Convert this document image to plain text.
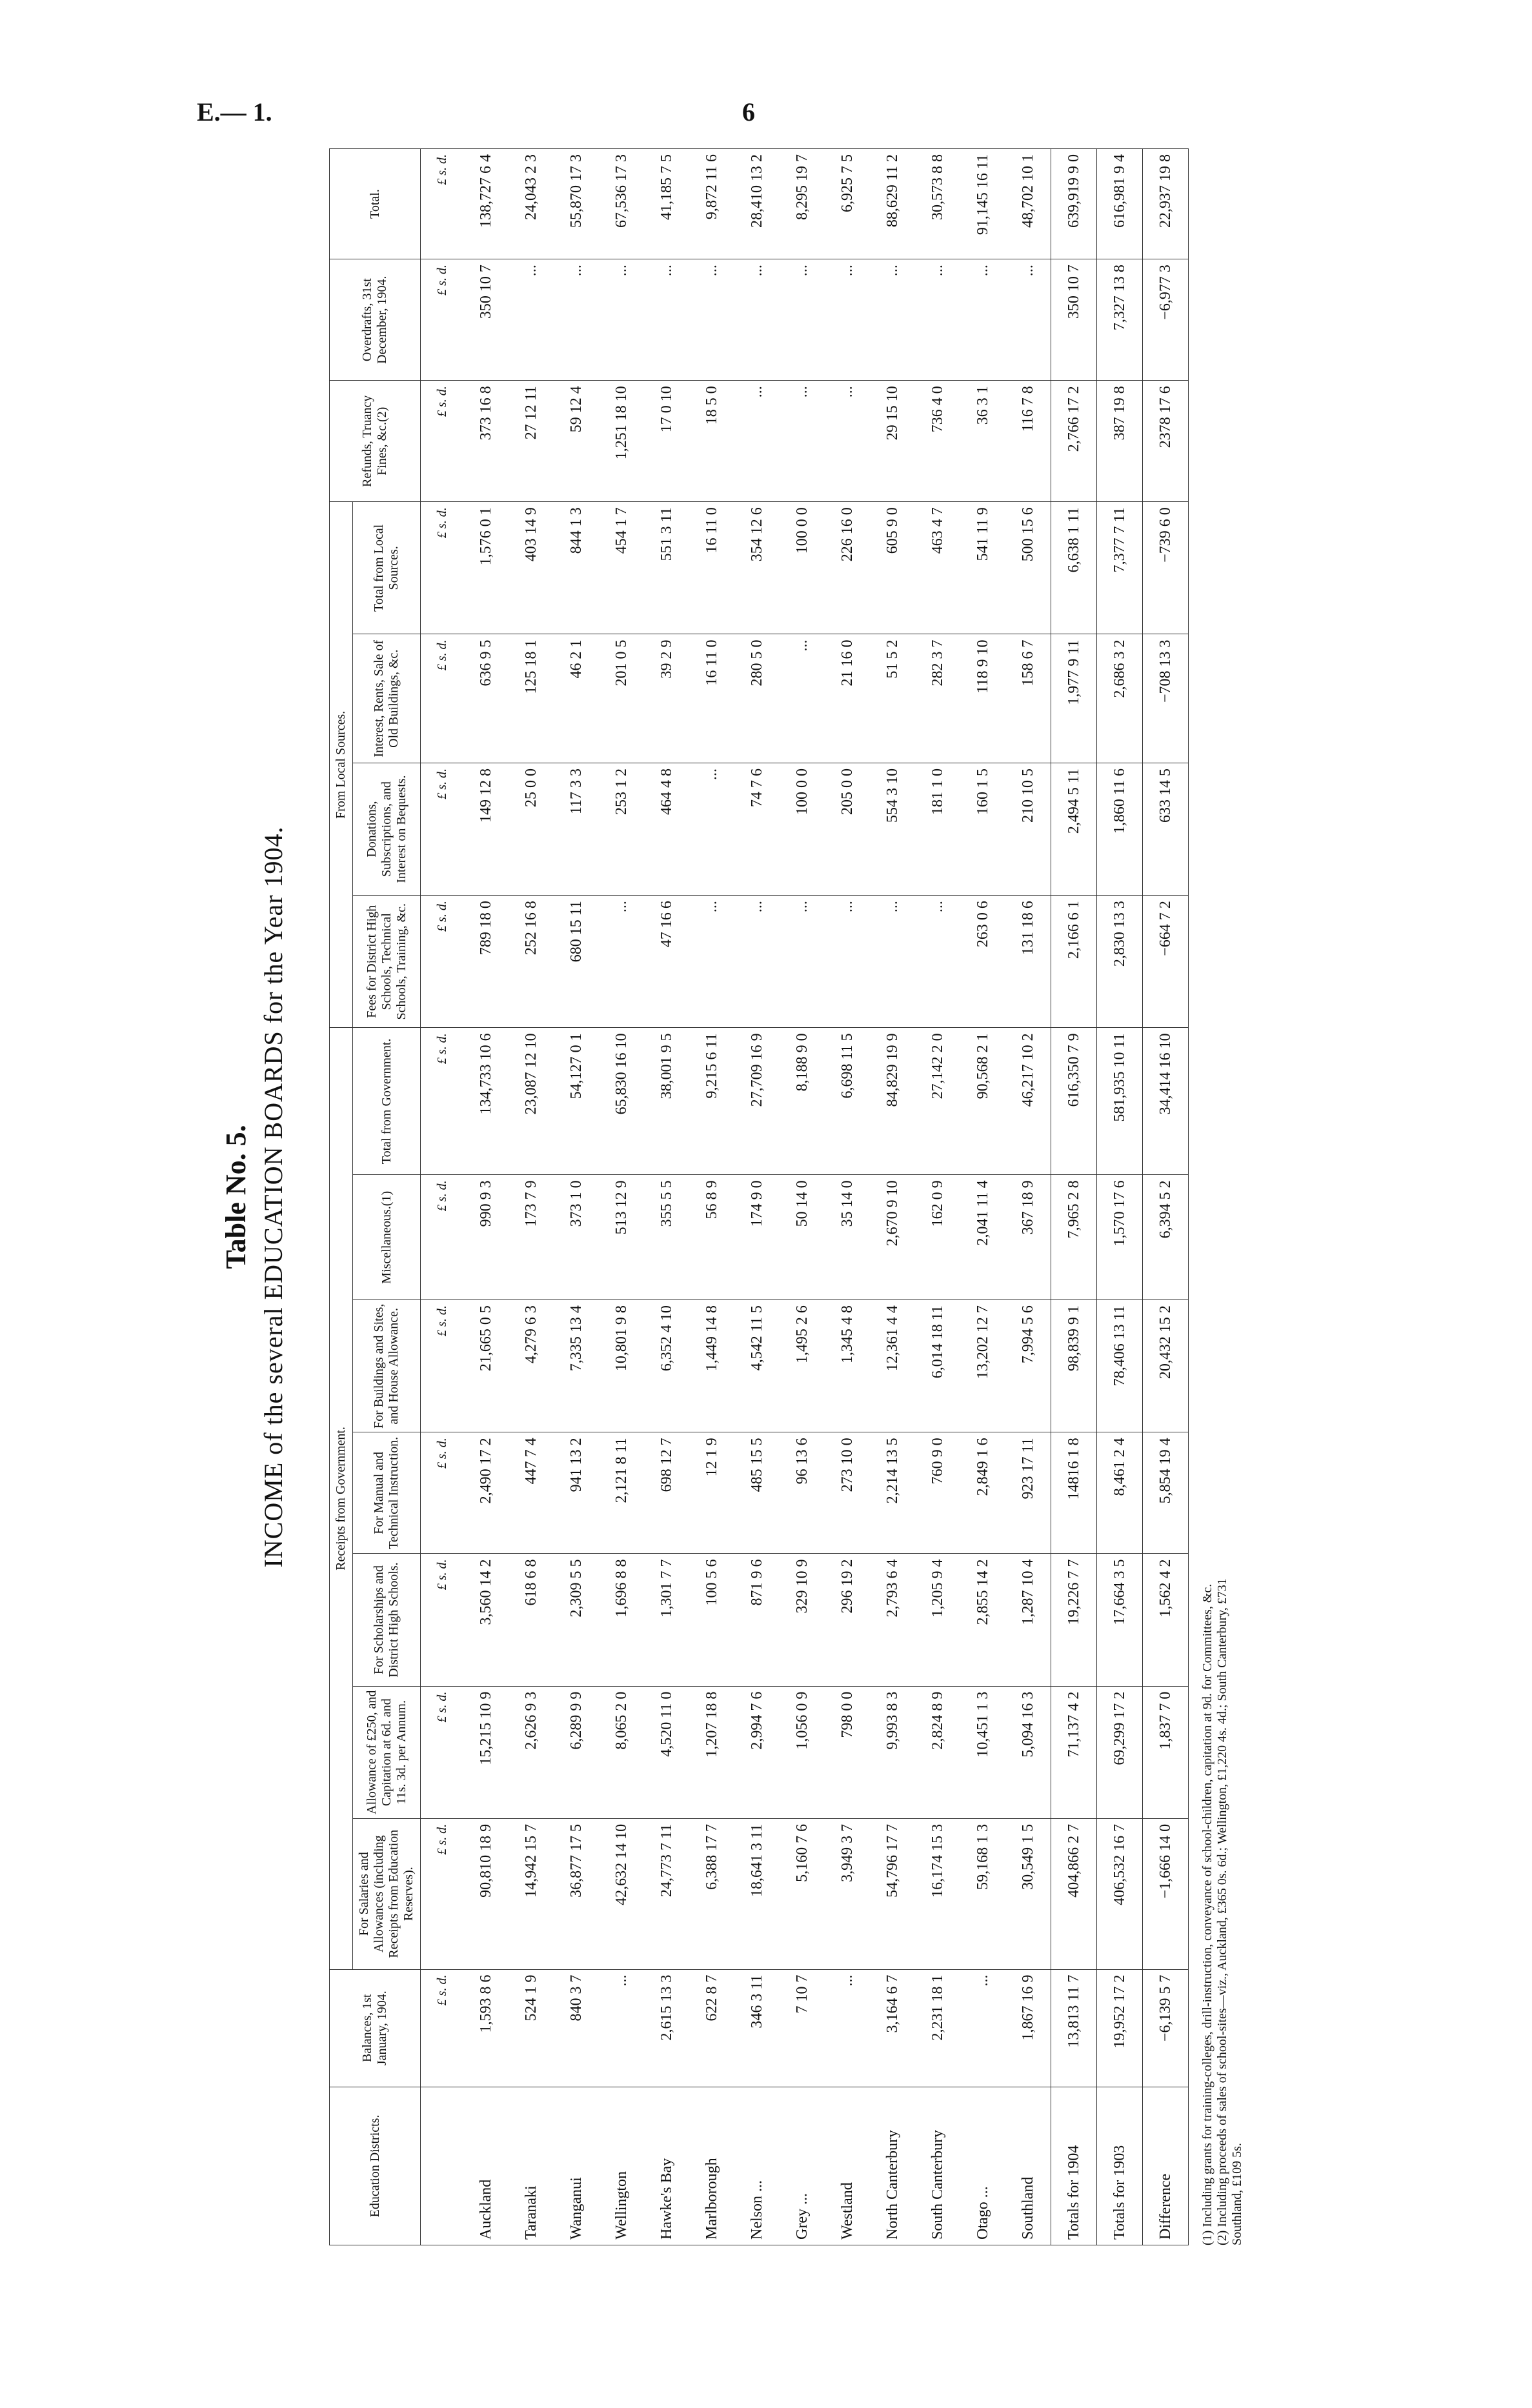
E.— 1.	6
Table No. 5. INCOME of the several EDUCATION BOARDS for the Year 1904.
Education Districts.	Balances, 1st January, 1904.	Receipts from Government.							From Local Sources.				Refunds, Truancy Fines, &c.(2)	Overdrafts, 31st December, 1904.	Total.
		For Salaries and Allowances (including Receipts from Education Reserves).	Allowance of £250, and Capitation at 6d. and 11s. 3d. per Annum.	For Scholarships and District High Schools.	For Manual and Technical Instruction.	For Buildings and Sites, and House Allowance.	Miscellaneous.(1)	Total from Government.	Fees for District High Schools, Technical Schools, Training, &c.	Donations, Subscriptions, and Interest on Bequests.	Interest, Rents, Sale of Old Buildings, &c.	Total from Local Sources.			
	£ s. d.	£ s. d.	£ s. d.	£ s. d.	£ s. d.	£ s. d.	£ s. d.	£ s. d.	£ s. d.	£ s. d.	£ s. d.	£ s. d.	£ s. d.	£ s. d.	£ s. d.
Auckland	1,593 8 6	90,810 18 9	15,215 10 9	3,560 14 2	2,490 17 2	21,665 0 5	990 9 3	134,733 10 6	789 18 0	149 12 8	636 9 5	1,576 0 1	373 16 8	350 10 7	138,727 6 4
Taranaki	524 1 9	14,942 15 7	2,626 9 3	618 6 8	447 7 4	4,279 6 3	173 7 9	23,087 12 10	252 16 8	25 0 0	125 18 1	403 14 9	27 12 11	...	24,043 2 3
Wanganui	840 3 7	36,877 17 5	6,289 9 9	2,309 5 5	941 13 2	7,335 13 4	373 1 0	54,127 0 1	680 15 11	117 3 3	46 2 1	844 1 3	59 12 4	...	55,870 17 3
Wellington	...	42,632 14 10	8,065 2 0	1,696 8 8	2,121 8 11	10,801 9 8	513 12 9	65,830 16 10	...	253 1 2	201 0 5	454 1 7	1,251 18 10	...	67,536 17 3
Hawke's Bay	2,615 13 3	24,773 7 11	4,520 11 0	1,301 7 7	698 12 7	6,352 4 10	355 5 5	38,001 9 5	47 16 6	464 4 8	39 2 9	551 3 11	17 0 10	...	41,185 7 5
Marlborough	622 8 7	6,388 17 7	1,207 18 8	100 5 6	12 1 9	1,449 14 8	56 8 9	9,215 6 11	...	...	16 11 0	16 11 0	18 5 0	...	9,872 11 6
Nelson ...	346 3 11	18,641 3 11	2,994 7 6	871 9 6	485 15 5	4,542 11 5	174 9 0	27,709 16 9	...	74 7 6	280 5 0	354 12 6	...	...	28,410 13 2
Grey ...	7 10 7	5,160 7 6	1,056 0 9	329 10 9	96 13 6	1,495 2 6	50 14 0	8,188 9 0	...	100 0 0	...	100 0 0	...	...	8,295 19 7
Westland	...	3,949 3 7	798 0 0	296 19 2	273 10 0	1,345 4 8	35 14 0	6,698 11 5	...	205 0 0	21 16 0	226 16 0	...	...	6,925 7 5
North Canterbury	3,164 6 7	54,796 17 7	9,993 8 3	2,793 6 4	2,214 13 5	12,361 4 4	2,670 9 10	84,829 19 9	...	554 3 10	51 5 2	605 9 0	29 15 10	...	88,629 11 2
South Canterbury	2,231 18 1	16,174 15 3	2,824 8 9	1,205 9 4	760 9 0	6,014 18 11	162 0 9	27,142 2 0	...	181 1 0	282 3 7	463 4 7	736 4 0	...	30,573 8 8
Otago ...	...	59,168 1 3	10,451 1 3	2,855 14 2	2,849 1 6	13,202 12 7	2,041 11 4	90,568 2 1	263 0 6	160 1 5	118 9 10	541 11 9	36 3 1	...	91,145 16 11
Southland	1,867 16 9	30,549 1 5	5,094 16 3	1,287 10 4	923 17 11	7,994 5 6	367 18 9	46,217 10 2	131 18 6	210 10 5	158 6 7	500 15 6	116 7 8	...	48,702 10 1
Totals for 1904	13,813 11 7	404,866 2 7	71,137 4 2	19,226 7 7	14816 1 8	98,839 9 1	7,965 2 8	616,350 7 9	2,166 6 1	2,494 5 11	1,977 9 11	6,638 1 11	2,766 17 2	350 10 7	639,919 9 0
Totals for 1903	19,952 17 2	406,532 16 7	69,299 17 2	17,664 3 5	8,461 2 4	78,406 13 11	1,570 17 6	581,935 10 11	2,830 13 3	1,860 11 6	2,686 3 2	7,377 7 11	387 19 8	7,327 13 8	616,981 9 4
Difference	−6,139 5 7	−1,666 14 0	1,837 7 0	1,562 4 2	5,854 19 4	20,432 15 2	6,394 5 2	34,414 16 10	−664 7 2	633 14 5	−708 13 3	−739 6 0	2378 17 6	−6,977 3	22,937 19 8
(1) Including grants for training-colleges, drill-instruction, conveyance of school-children, capitation at 9d. for Committees, &c. (2) Including proceeds of sales of school-sites—viz., Auckland, £365 0s. 6d.; Wellington, £1,220 4s. 4d.; South Canterbury, £731 Southland, £109 5s.
